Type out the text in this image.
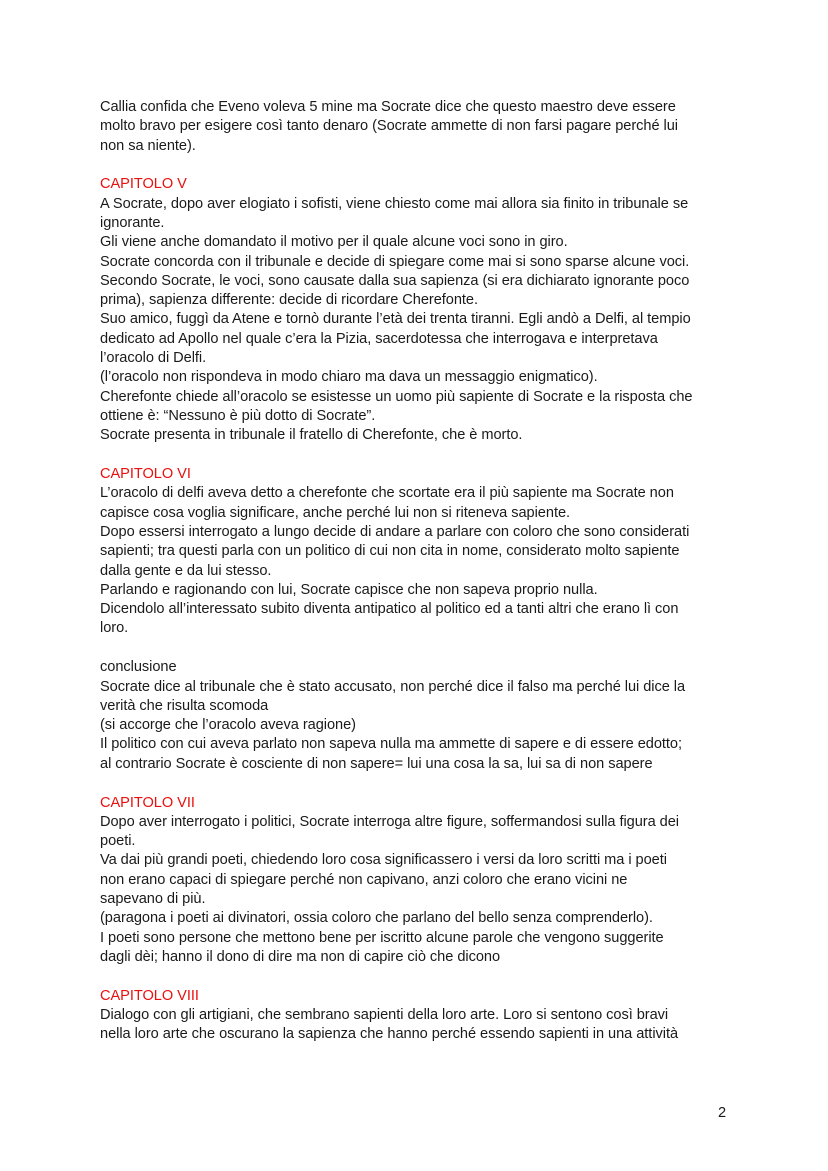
Callia confida che Eveno voleva 5 mine ma Socrate dice che questo maestro deve essere
molto bravo per esigere così tanto denaro (Socrate ammette di non farsi pagare perché lui
non sa niente).
CAPITOLO V
A Socrate, dopo aver elogiato i sofisti, viene chiesto come mai allora sia finito in tribunale se
ignorante.
Gli viene anche domandato il motivo per il quale alcune voci sono in giro.
Socrate concorda con il tribunale e decide di spiegare come mai si sono sparse alcune voci.
Secondo Socrate, le voci, sono causate dalla sua sapienza (si era dichiarato ignorante poco
prima), sapienza differente: decide di ricordare Cherefonte.
Suo amico, fuggì da Atene e tornò durante l’età dei trenta tiranni. Egli andò a Delfi, al tempio
dedicato ad Apollo nel quale c’era la Pizia, sacerdotessa che interrogava e interpretava
l’oracolo di Delfi.
(l’oracolo non rispondeva in modo chiaro ma dava un messaggio enigmatico).
Cherefonte chiede all’oracolo se esistesse un uomo più sapiente di Socrate e la risposta che
ottiene è: “Nessuno è più dotto di Socrate”.
Socrate presenta in tribunale il fratello di Cherefonte, che è morto.
CAPITOLO VI
L’oracolo di delfi aveva detto a cherefonte che scortate era il più sapiente ma Socrate non
capisce cosa voglia significare, anche perché lui non si riteneva sapiente.
Dopo essersi interrogato a lungo decide di andare a parlare con coloro che sono considerati
sapienti; tra questi parla con un politico di cui non cita in nome, considerato molto sapiente
dalla gente e da lui stesso.
Parlando e ragionando con lui, Socrate capisce che non sapeva proprio nulla.
Dicendolo all’interessato subito diventa antipatico al politico ed a tanti altri che erano lì con
loro.
conclusione
Socrate dice al tribunale che è stato accusato, non perché dice il falso ma perché lui dice la
verità che risulta scomoda
(si accorge che l’oracolo aveva ragione)
Il politico con cui aveva parlato non sapeva nulla ma ammette di sapere e di essere edotto;
al contrario Socrate è cosciente di non sapere= lui una cosa la sa, lui sa di non sapere
CAPITOLO VII
Dopo aver interrogato i politici, Socrate interroga altre figure, soffermandosi sulla figura dei
poeti.
Va dai più grandi poeti, chiedendo loro cosa significassero i versi da loro scritti ma i poeti
non erano capaci di spiegare perché non capivano, anzi coloro che erano vicini ne
sapevano di più.
(paragona i poeti ai divinatori, ossia coloro che parlano del bello senza comprenderlo).
I poeti sono persone che mettono bene per iscritto alcune parole che vengono suggerite
dagli dèi; hanno il dono di dire ma non di capire ciò che dicono
CAPITOLO VIII
Dialogo con gli artigiani, che sembrano sapienti della loro arte. Loro si sentono così bravi
nella loro arte che oscurano la sapienza che hanno perché essendo sapienti in una attività
2
